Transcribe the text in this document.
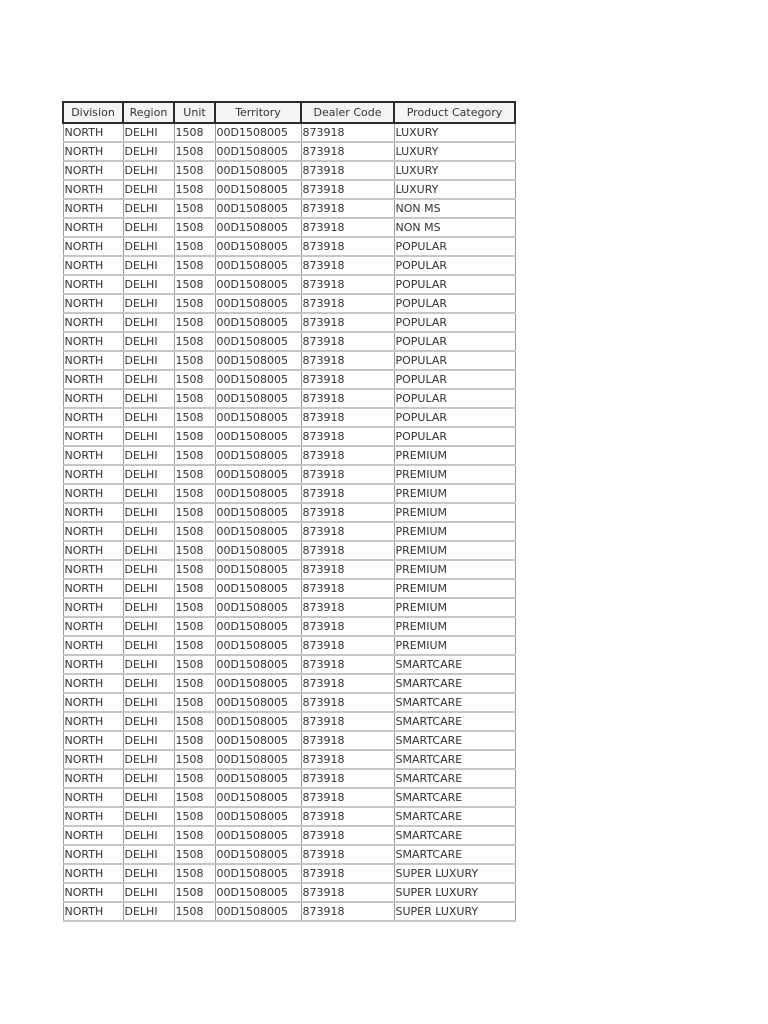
Division	Region	Unit	Territory	Dealer Code	Product Category
NORTH	DELHI	1508	00D1508005	873918	LUXURY
NORTH	DELHI	1508	00D1508005	873918	LUXURY
NORTH	DELHI	1508	00D1508005	873918	LUXURY
NORTH	DELHI	1508	00D1508005	873918	LUXURY
NORTH	DELHI	1508	00D1508005	873918	NON MS
NORTH	DELHI	1508	00D1508005	873918	NON MS
NORTH	DELHI	1508	00D1508005	873918	POPULAR
NORTH	DELHI	1508	00D1508005	873918	POPULAR
NORTH	DELHI	1508	00D1508005	873918	POPULAR
NORTH	DELHI	1508	00D1508005	873918	POPULAR
NORTH	DELHI	1508	00D1508005	873918	POPULAR
NORTH	DELHI	1508	00D1508005	873918	POPULAR
NORTH	DELHI	1508	00D1508005	873918	POPULAR
NORTH	DELHI	1508	00D1508005	873918	POPULAR
NORTH	DELHI	1508	00D1508005	873918	POPULAR
NORTH	DELHI	1508	00D1508005	873918	POPULAR
NORTH	DELHI	1508	00D1508005	873918	POPULAR
NORTH	DELHI	1508	00D1508005	873918	PREMIUM
NORTH	DELHI	1508	00D1508005	873918	PREMIUM
NORTH	DELHI	1508	00D1508005	873918	PREMIUM
NORTH	DELHI	1508	00D1508005	873918	PREMIUM
NORTH	DELHI	1508	00D1508005	873918	PREMIUM
NORTH	DELHI	1508	00D1508005	873918	PREMIUM
NORTH	DELHI	1508	00D1508005	873918	PREMIUM
NORTH	DELHI	1508	00D1508005	873918	PREMIUM
NORTH	DELHI	1508	00D1508005	873918	PREMIUM
NORTH	DELHI	1508	00D1508005	873918	PREMIUM
NORTH	DELHI	1508	00D1508005	873918	PREMIUM
NORTH	DELHI	1508	00D1508005	873918	SMARTCARE
NORTH	DELHI	1508	00D1508005	873918	SMARTCARE
NORTH	DELHI	1508	00D1508005	873918	SMARTCARE
NORTH	DELHI	1508	00D1508005	873918	SMARTCARE
NORTH	DELHI	1508	00D1508005	873918	SMARTCARE
NORTH	DELHI	1508	00D1508005	873918	SMARTCARE
NORTH	DELHI	1508	00D1508005	873918	SMARTCARE
NORTH	DELHI	1508	00D1508005	873918	SMARTCARE
NORTH	DELHI	1508	00D1508005	873918	SMARTCARE
NORTH	DELHI	1508	00D1508005	873918	SMARTCARE
NORTH	DELHI	1508	00D1508005	873918	SMARTCARE
NORTH	DELHI	1508	00D1508005	873918	SUPER LUXURY
NORTH	DELHI	1508	00D1508005	873918	SUPER LUXURY
NORTH	DELHI	1508	00D1508005	873918	SUPER LUXURY
